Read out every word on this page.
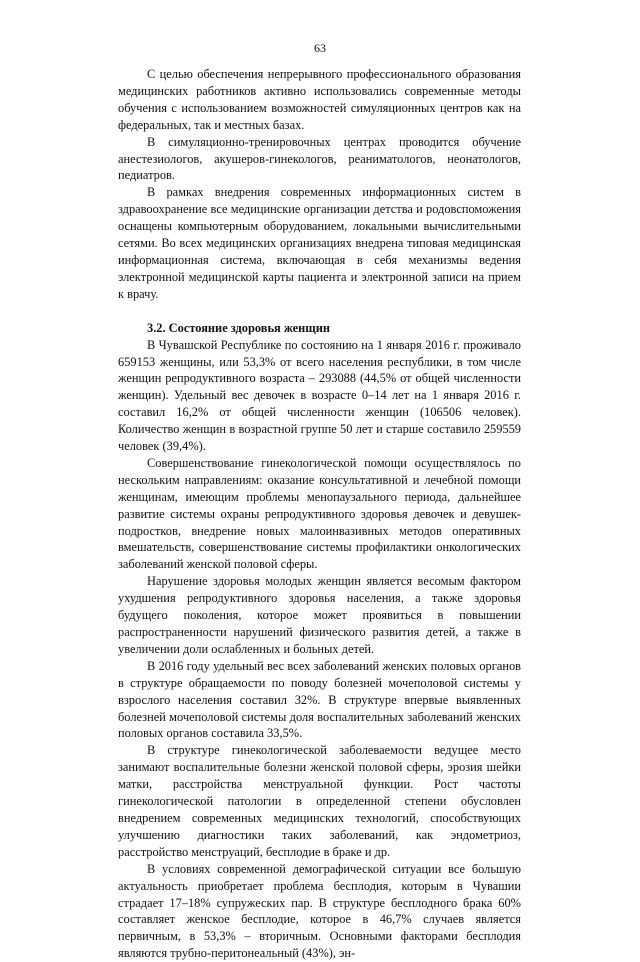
63

С целью обеспечения непрерывного профессионального образования медицинских работников активно использовались современные методы обучения с использованием возможностей симуляционных центров как на федеральных, так и местных базах.

В симуляционно-тренировочных центрах проводится обучение анестезиологов, акушеров-гинекологов, реаниматологов, неонатологов, педиатров.

В рамках внедрения современных информационных систем в здравоохранение все медицинские организации детства и родовспоможения оснащены компьютерным оборудованием, локальными вычислительными сетями. Во всех медицинских организациях внедрена типовая медицинская информационная система, включающая в себя механизмы ведения электронной медицинской карты пациента и электронной записи на прием к врачу.

3.2. Состояние здоровья женщин

В Чувашской Республике по состоянию на 1 января 2016 г. проживало 659153 женщины, или 53,3% от всего населения республики, в том числе женщин репродуктивного возраста – 293088 (44,5% от общей численности женщин). Удельный вес девочек в возрасте 0–14 лет на 1 января 2016 г. составил 16,2% от общей численности женщин (106506 человек). Количество женщин в возрастной группе 50 лет и старше составило 259559 человек (39,4%).

Совершенствование гинекологической помощи осуществлялось по нескольким направлениям: оказание консультативной и лечебной помощи женщинам, имеющим проблемы менопаузального периода, дальнейшее развитие системы охраны репродуктивного здоровья девочек и девушек-подростков, внедрение новых малоинвазивных методов оперативных вмешательств, совершенствование системы профилактики онкологических заболеваний женской половой сферы.

Нарушение здоровья молодых женщин является весомым фактором ухудшения репродуктивного здоровья населения, а также здоровья будущего поколения, которое может проявиться в повышении распространенности нарушений физического развития детей, а также в увеличении доли ослабленных и больных детей.

В 2016 году удельный вес всех заболеваний женских половых органов в структуре обращаемости по поводу болезней мочеполовой системы у взрослого населения составил 32%. В структуре впервые выявленных болезней мочеполовой системы доля воспалительных заболеваний женских половых органов составила 33,5%.

В структуре гинекологической заболеваемости ведущее место занимают воспалительные болезни женской половой сферы, эрозия шейки матки, расстройства менструальной функции. Рост частоты гинекологической патологии в определенной степени обусловлен внедрением современных медицинских технологий, способствующих улучшению диагностики таких заболеваний, как эндометриоз, расстройство менструаций, бесплодие в браке и др.

В условиях современной демографической ситуации все большую актуальность приобретает проблема бесплодия, которым в Чувашии страдает 17–18% супружеских пар. В структуре бесплодного брака 60% составляет женское бесплодие, которое в 46,7% случаев является первичным, в 53,3% – вторичным. Основными факторами бесплодия являются трубно-перитонеальный (43%), эн-
